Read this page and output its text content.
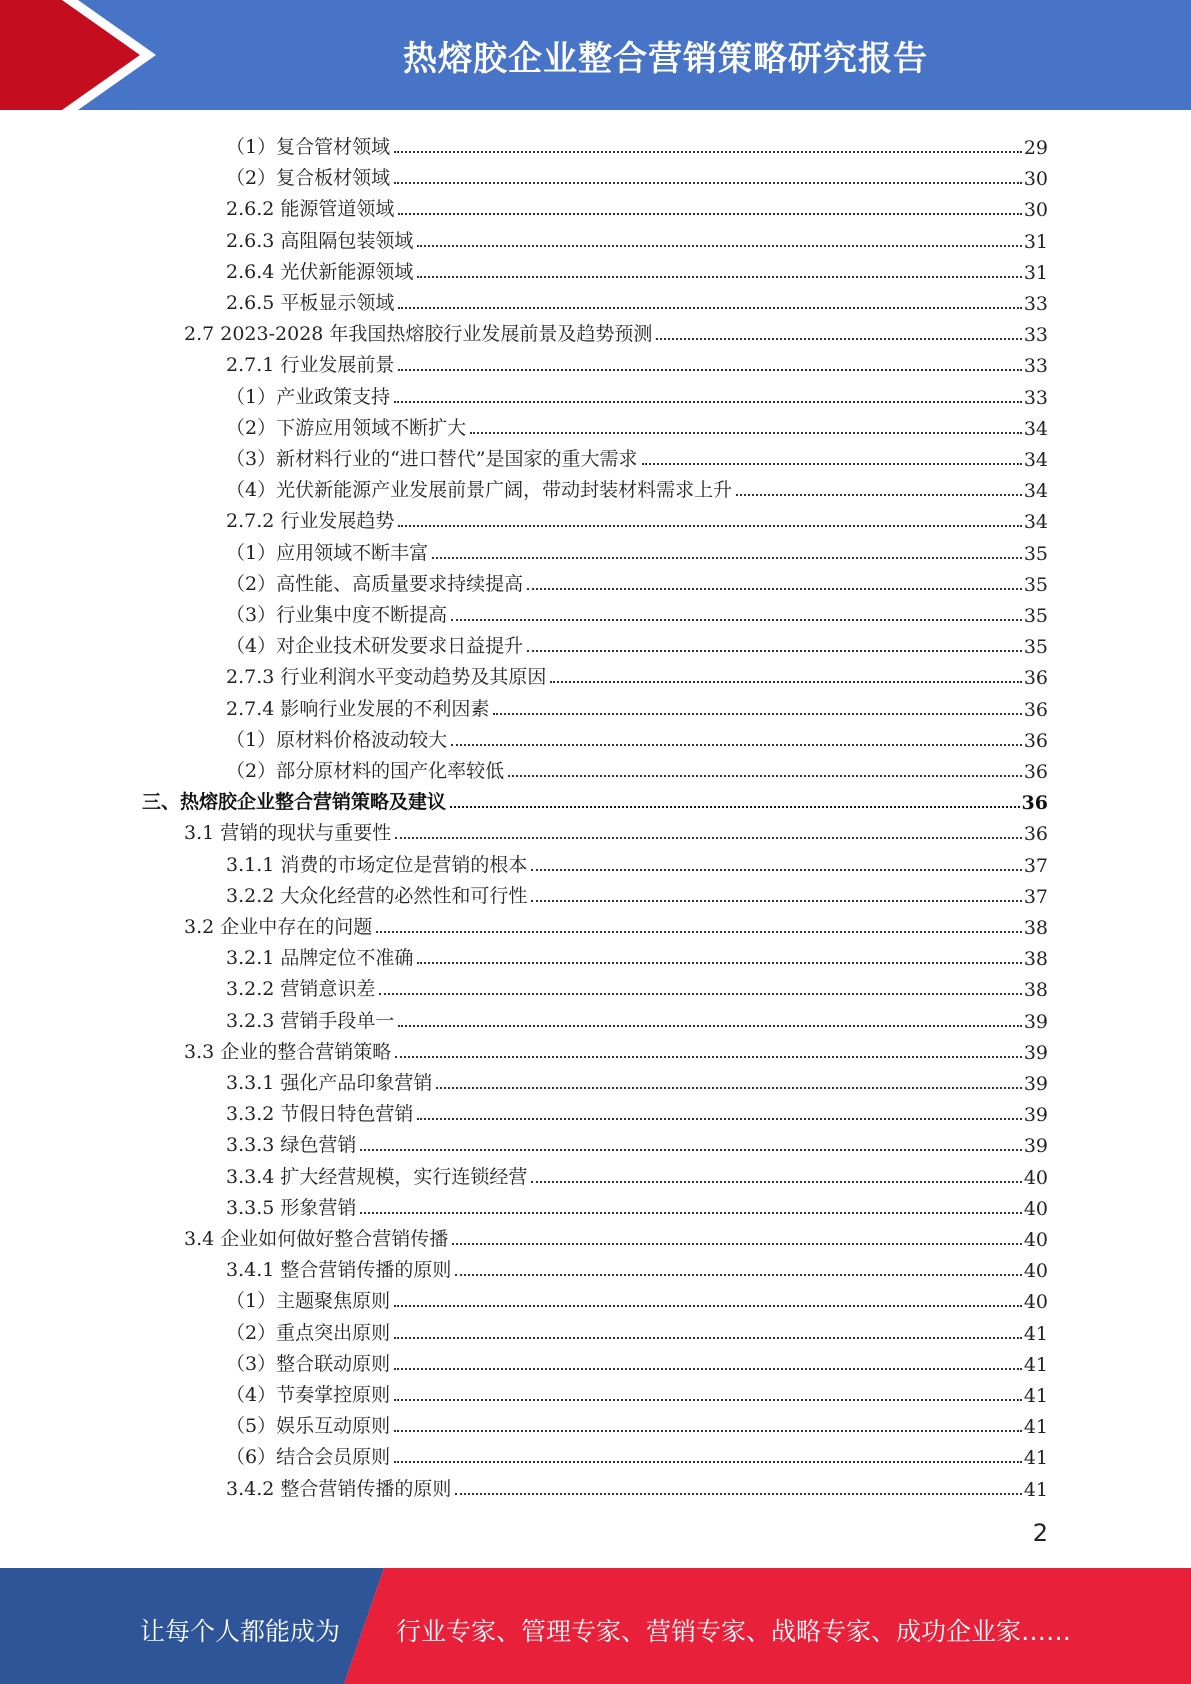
热熔胶企业整合营销策略研究报告
（1）复合管材领域	29
（2）复合板材领域	30
2.6.2 能源管道领域	30
2.6.3 高阻隔包装领域	31
2.6.4 光伏新能源领域	31
2.6.5 平板显示领域	33
2.7 2023-2028 年我国热熔胶行业发展前景及趋势预测	33
2.7.1 行业发展前景	33
（1）产业政策支持	33
（2）下游应用领域不断扩大	34
（3）新材料行业的“进口替代”是国家的重大需求	34
（4）光伏新能源产业发展前景广阔，带动封装材料需求上升	34
2.7.2 行业发展趋势	34
（1）应用领域不断丰富	35
（2）高性能、高质量要求持续提高	35
（3）行业集中度不断提高	35
（4）对企业技术研发要求日益提升	35
2.7.3 行业利润水平变动趋势及其原因	36
2.7.4 影响行业发展的不利因素	36
（1）原材料价格波动较大	36
（2）部分原材料的国产化率较低	36
三、热熔胶企业整合营销策略及建议	36
3.1 营销的现状与重要性	36
3.1.1 消费的市场定位是营销的根本	37
3.2.2 大众化经营的必然性和可行性	37
3.2 企业中存在的问题	38
3.2.1 品牌定位不准确	38
3.2.2 营销意识差	38
3.2.3 营销手段单一	39
3.3 企业的整合营销策略	39
3.3.1 强化产品印象营销	39
3.3.2 节假日特色营销	39
3.3.3 绿色营销	39
3.3.4 扩大经营规模，实行连锁经营	40
3.3.5 形象营销	40
3.4 企业如何做好整合营销传播	40
3.4.1 整合营销传播的原则	40
（1）主题聚焦原则	40
（2）重点突出原则	41
（3）整合联动原则	41
（4）节奏掌控原则	41
（5）娱乐互动原则	41
（6）结合会员原则	41
3.4.2 整合营销传播的原则	41
2
让每个人都能成为 行业专家、管理专家、营销专家、战略专家、成功企业家……
